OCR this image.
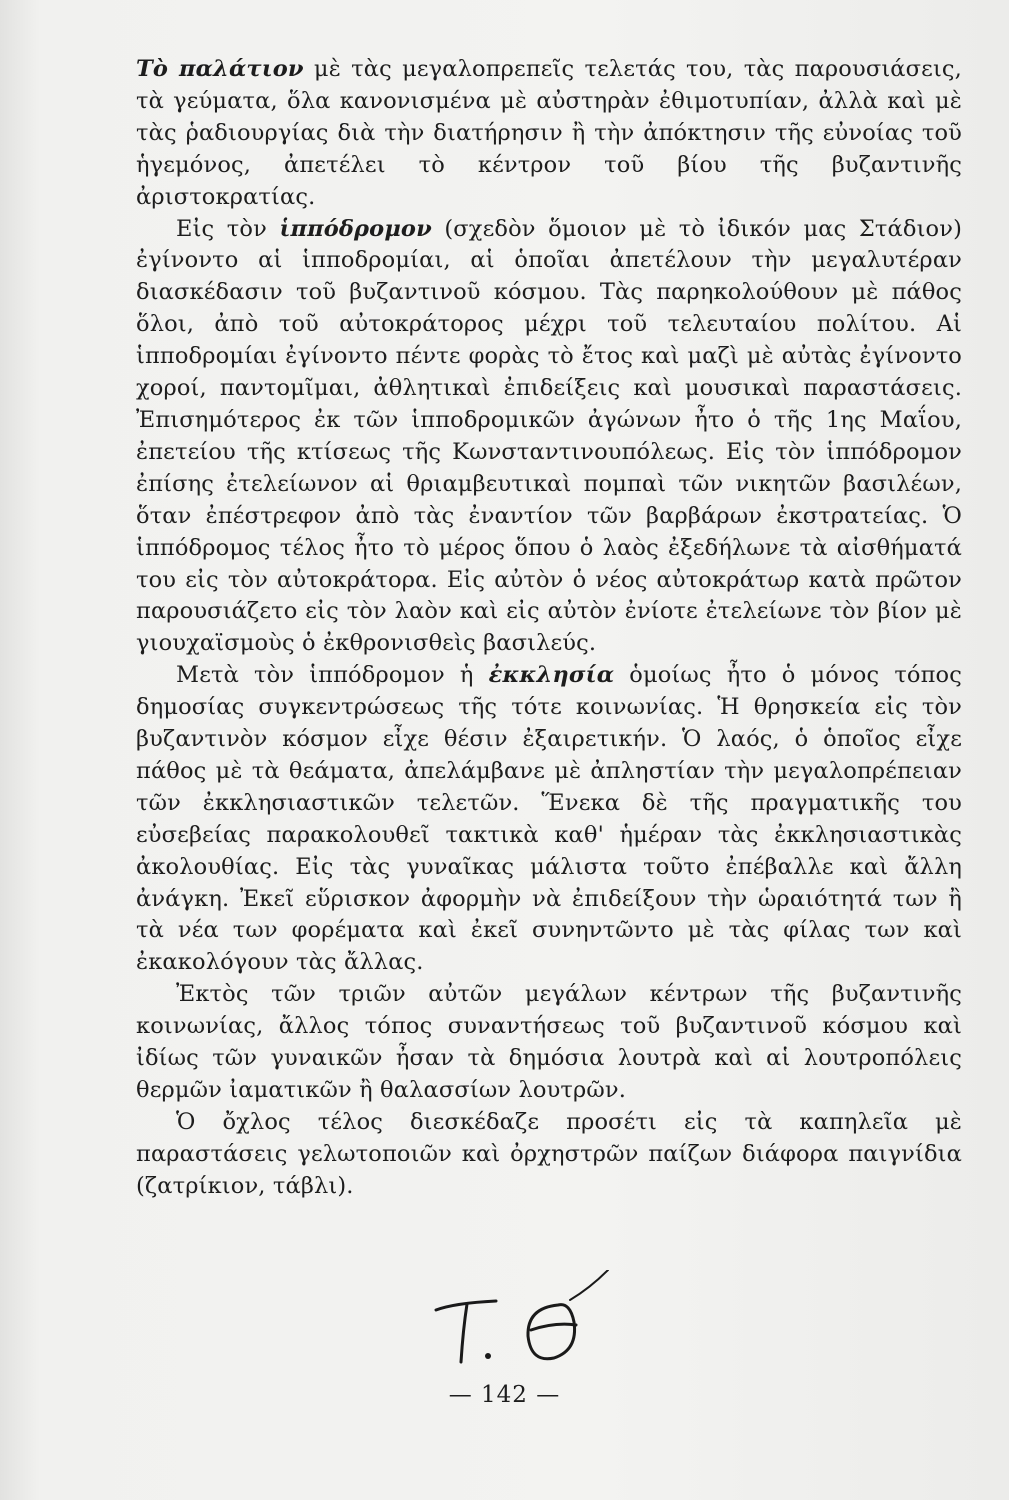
Τὸ παλάτιον μὲ τὰς μεγαλοπρεπεῖς τελετάς του, τὰς παρουσιάσεις, τὰ γεύματα, ὅλα κανονισμένα μὲ αὐστηρὰν ἐθιμοτυπίαν, ἀλλὰ καὶ μὲ τὰς ῥαδιουργίας διὰ τὴν διατήρησιν ἢ τὴν ἀπόκτησιν τῆς εὐνοίας τοῦ ἡγεμόνος, ἀπετέλει τὸ κέντρον τοῦ βίου τῆς βυζαντινῆς ἀριστοκρατίας.

Εἰς τὸν ἱππόδρομον (σχεδὸν ὅμοιον μὲ τὸ ἰδικόν μας Στάδιον) ἐγίνοντο αἱ ἱπποδρομίαι, αἱ ὁποῖαι ἀπετέλουν τὴν μεγαλυτέραν διασκέδασιν τοῦ βυζαντινοῦ κόσμου. Τὰς παρηκολούθουν μὲ πάθος ὅλοι, ἀπὸ τοῦ αὐτοκράτορος μέχρι τοῦ τελευταίου πολίτου. Αἱ ἱπποδρομίαι ἐγίνοντο πέντε φορὰς τὸ ἔτος καὶ μαζὶ μὲ αὐτὰς ἐγίνοντο χοροί, παντομῖμαι, ἀθλητικαὶ ἐπιδείξεις καὶ μουσικαὶ παραστάσεις. Ἐπισημότερος ἐκ τῶν ἱπποδρομικῶν ἀγώνων ἦτο ὁ τῆς 1ης Μαΐου, ἐπετείου τῆς κτίσεως τῆς Κωνσταντινουπόλεως. Εἰς τὸν ἱππόδρομον ἐπίσης ἐτελείωνον αἱ θριαμβευτικαὶ πομπαὶ τῶν νικητῶν βασιλέων, ὅταν ἐπέστρεφον ἀπὸ τὰς ἐναντίον τῶν βαρβάρων ἐκστρατείας. Ὁ ἱππόδρομος τέλος ἦτο τὸ μέρος ὅπου ὁ λαὸς ἐξεδήλωνε τὰ αἰσθήματά του εἰς τὸν αὐτοκράτορα. Εἰς αὐτὸν ὁ νέος αὐτοκράτωρ κατὰ πρῶτον παρουσιάζετο εἰς τὸν λαὸν καὶ εἰς αὐτὸν ἐνίοτε ἐτελείωνε τὸν βίον μὲ γιουχαϊσμοὺς ὁ ἐκθρονισθεὶς βασιλεύς.

Μετὰ τὸν ἱππόδρομον ἡ ἐκκλησία ὁμοίως ἦτο ὁ μόνος τόπος δημοσίας συγκεντρώσεως τῆς τότε κοινωνίας. Ἡ θρησκεία εἰς τὸν βυζαντινὸν κόσμον εἶχε θέσιν ἐξαιρετικήν. Ὁ λαός, ὁ ὁποῖος εἶχε πάθος μὲ τὰ θεάματα, ἀπελάμβανε μὲ ἀπληστίαν τὴν μεγαλοπρέπειαν τῶν ἐκκλησιαστικῶν τελετῶν. Ἕνεκα δὲ τῆς πραγματικῆς του εὐσεβείας παρακολουθεῖ τακτικὰ καθ' ἡμέραν τὰς ἐκκλησιαστικὰς ἀκολουθίας. Εἰς τὰς γυναῖκας μάλιστα τοῦτο ἐπέβαλλε καὶ ἄλλη ἀνάγκη. Ἐκεῖ εὕρισκον ἀφορμὴν νὰ ἐπιδείξουν τὴν ὡραιότητά των ἢ τὰ νέα των φορέματα καὶ ἐκεῖ συνηντῶντο μὲ τὰς φίλας των καὶ ἐκακολόγουν τὰς ἄλλας.

Ἐκτὸς τῶν τριῶν αὐτῶν μεγάλων κέντρων τῆς βυζαντινῆς κοινωνίας, ἄλλος τόπος συναντήσεως τοῦ βυζαντινοῦ κόσμου καὶ ἰδίως τῶν γυναικῶν ἦσαν τὰ δημόσια λουτρὰ καὶ αἱ λουτροπόλεις θερμῶν ἰαματικῶν ἢ θαλασσίων λουτρῶν.

Ὁ ὄχλος τέλος διεσκέδαζε προσέτι εἰς τὰ καπηλεῖα μὲ παραστάσεις γελωτοποιῶν καὶ ὀρχηστρῶν παίζων διάφορα παιγνίδια (ζατρίκιον, τάβλι).

— 142 —
